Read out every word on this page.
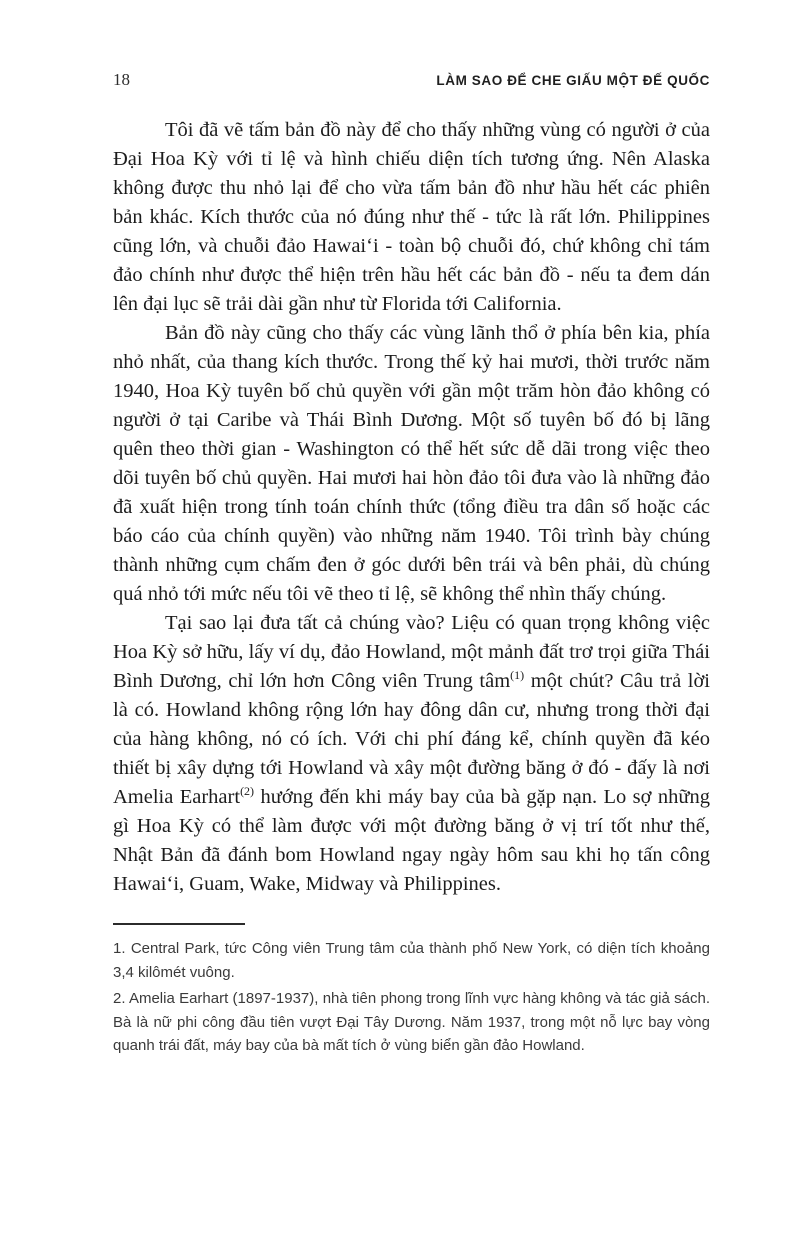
18	LÀM SAO ĐỂ CHE GIẤU MỘT ĐẾ QUỐC

Tôi đã vẽ tấm bản đồ này để cho thấy những vùng có người ở của Đại Hoa Kỳ với tỉ lệ và hình chiếu diện tích tương ứng. Nên Alaska không được thu nhỏ lại để cho vừa tấm bản đồ như hầu hết các phiên bản khác. Kích thước của nó đúng như thế - tức là rất lớn. Philippines cũng lớn, và chuỗi đảo Hawaiʻi - toàn bộ chuỗi đó, chứ không chỉ tám đảo chính như được thể hiện trên hầu hết các bản đồ - nếu ta đem dán lên đại lục sẽ trải dài gần như từ Florida tới California.

Bản đồ này cũng cho thấy các vùng lãnh thổ ở phía bên kia, phía nhỏ nhất, của thang kích thước. Trong thế kỷ hai mươi, thời trước năm 1940, Hoa Kỳ tuyên bố chủ quyền với gần một trăm hòn đảo không có người ở tại Caribe và Thái Bình Dương. Một số tuyên bố đó bị lãng quên theo thời gian - Washington có thể hết sức dễ dãi trong việc theo dõi tuyên bố chủ quyền. Hai mươi hai hòn đảo tôi đưa vào là những đảo đã xuất hiện trong tính toán chính thức (tổng điều tra dân số hoặc các báo cáo của chính quyền) vào những năm 1940. Tôi trình bày chúng thành những cụm chấm đen ở góc dưới bên trái và bên phải, dù chúng quá nhỏ tới mức nếu tôi vẽ theo tỉ lệ, sẽ không thể nhìn thấy chúng.

Tại sao lại đưa tất cả chúng vào? Liệu có quan trọng không việc Hoa Kỳ sở hữu, lấy ví dụ, đảo Howland, một mảnh đất trơ trọi giữa Thái Bình Dương, chỉ lớn hơn Công viên Trung tâm$^{(1)}$ một chút? Câu trả lời là có. Howland không rộng lớn hay đông dân cư, nhưng trong thời đại của hàng không, nó có ích. Với chi phí đáng kể, chính quyền đã kéo thiết bị xây dựng tới Howland và xây một đường băng ở đó - đấy là nơi Amelia Earhart$^{(2)}$ hướng đến khi máy bay của bà gặp nạn. Lo sợ những gì Hoa Kỳ có thể làm được với một đường băng ở vị trí tốt như thế, Nhật Bản đã đánh bom Howland ngay ngày hôm sau khi họ tấn công Hawaiʻi, Guam, Wake, Midway và Philippines.

1. Central Park, tức Công viên Trung tâm của thành phố New York, có diện tích khoảng 3,4 kilômét vuông.

2. Amelia Earhart (1897-1937), nhà tiên phong trong lĩnh vực hàng không và tác giả sách. Bà là nữ phi công đầu tiên vượt Đại Tây Dương. Năm 1937, trong một nỗ lực bay vòng quanh trái đất, máy bay của bà mất tích ở vùng biển gần đảo Howland.
